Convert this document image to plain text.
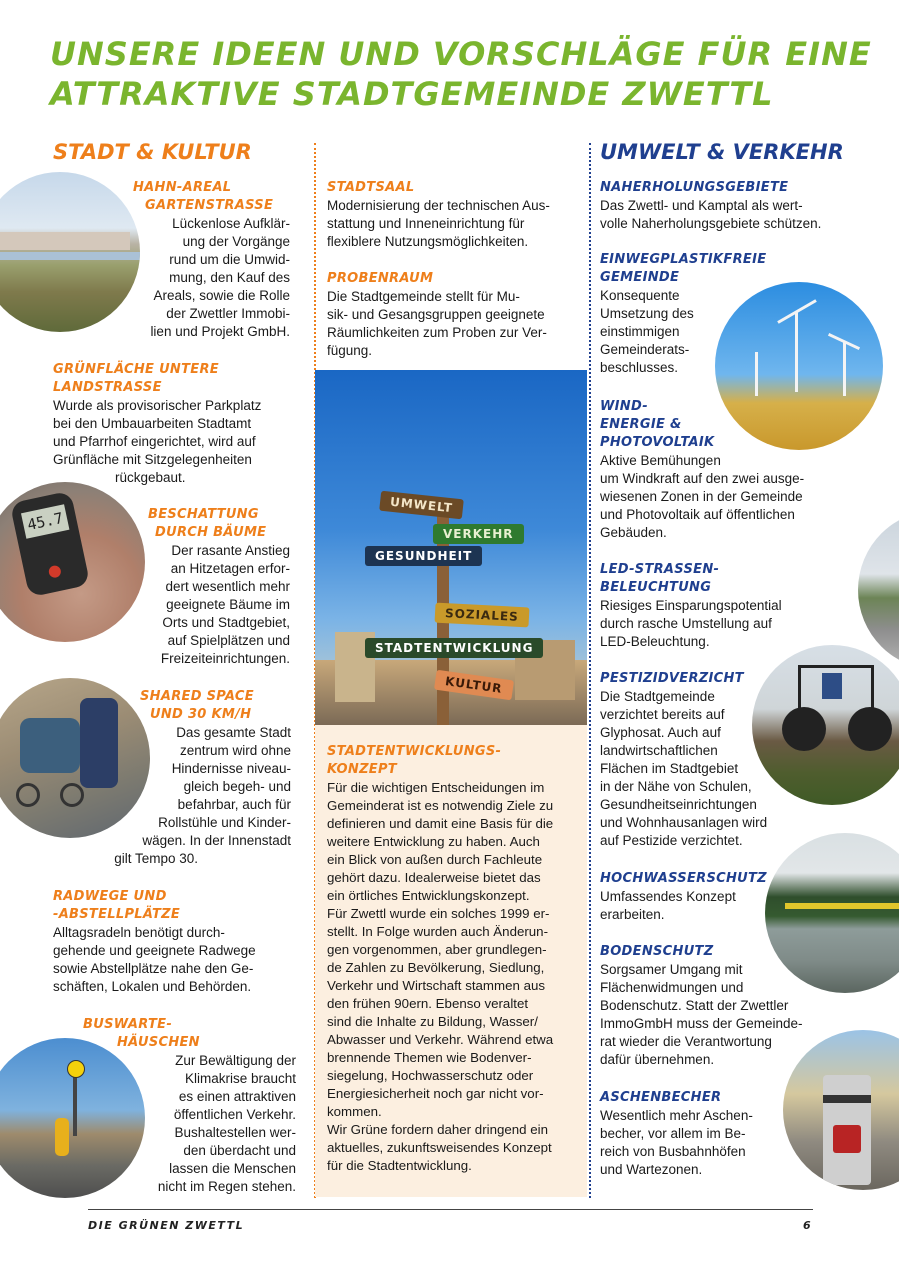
UNSERE IDEEN UND VORSCHLÄGE FÜR EINE
ATTRAKTIVE STADTGEMEINDE ZWETTL
STADT & KULTUR	UMWELT & VERKEHR
45.7
UMWELT
VERKEHR
GESUNDHEIT
SOZIALES
STADTENTWICKLUNG
KULTUR

HAHN-AREAL
GARTENSTRASSE

Lückenlose Aufklär-
ung der Vorgänge
rund um die Umwid-
mung, den Kauf des
Areals, sowie die Rolle
der Zwettler Immobi-
lien und Projekt GmbH.

GRÜNFLÄCHE UNTERE
LANDSTRASSE

Wurde als provisorischer Parkplatz
bei den Umbauarbeiten Stadtamt
und Pfarrhof eingerichtet, wird auf
Grünfläche mit Sitzgelegenheiten
rückgebaut.

BESCHATTUNG
DURCH BÄUME

Der rasante Anstieg
an Hitzetagen erfor-
dert wesentlich mehr
geeignete Bäume im
Orts und Stadtgebiet,
auf Spielplätzen und
Freizeiteinrichtungen.

SHARED SPACE
UND 30 KM/H

Das gesamte Stadt
zentrum wird ohne
Hindernisse niveau-
gleich begeh- und
befahrbar, auch für
Rollstühle und Kinder-
wägen. In der Innenstadt
gilt Tempo 30.

RADWEGE UND
-ABSTELLPLÄTZE

Alltagsradeln benötigt durch-
gehende und geeignete Radwege
sowie Abstellplätze nahe den Ge-
schäften, Lokalen und Behörden.

BUSWARTE-
HÄUSCHEN

Zur Bewältigung der
Klimakrise braucht
es einen attraktiven
öffentlichen Verkehr.
Bushaltestellen wer-
den überdacht und
lassen die Menschen
nicht im Regen stehen.

STADTSAAL

Modernisierung der technischen Aus-
stattung und Inneneinrichtung für
flexiblere Nutzungsmöglichkeiten.

PROBENRAUM

Die Stadtgemeinde stellt für Mu-
sik- und Gesangsgruppen geeignete
Räumlichkeiten zum Proben zur Ver-
fügung.

STADTENTWICKLUNGS-
KONZEPT

Für die wichtigen Entscheidungen im
Gemeinderat ist es notwendig Ziele zu
definieren und damit eine Basis für die
weitere Entwicklung zu haben. Auch
ein Blick von außen durch Fachleute
gehört dazu. Idealerweise bietet das
ein örtliches Entwicklungskonzept.
Für Zwettl wurde ein solches 1999 er-
stellt. In Folge wurden auch Änderun-
gen vorgenommen, aber grundlegen-
de Zahlen zu Bevölkerung, Siedlung,
Verkehr und Wirtschaft stammen aus
den frühen 90ern. Ebenso veraltet
sind die Inhalte zu Bildung, Wasser/
Abwasser und Verkehr. Während etwa
brennende Themen wie Bodenver-
siegelung, Hochwasserschutz oder
Energiesicherheit noch gar nicht vor-
kommen.
Wir Grüne fordern daher dringend ein
aktuelles, zukunftsweisendes Konzept
für die Stadtentwicklung.

NAHERHOLUNGSGEBIETE

Das Zwettl- und Kamptal als wert-
volle Naherholungsgebiete schützen.

EINWEGPLASTIKFREIE
GEMEINDE

Konsequente
Umsetzung des
einstimmigen
Gemeinderats-
beschlusses.

WIND-
ENERGIE &
PHOTOVOLTAIK

Aktive Bemühungen
um Windkraft auf den zwei ausge-
wiesenen Zonen in der Gemeinde
und Photovoltaik auf öffentlichen
Gebäuden.

LED-STRASSEN-
BELEUCHTUNG

Riesiges Einsparungspotential
durch rasche Umstellung auf
LED-Beleuchtung.

PESTIZIDVERZICHT

Die Stadtgemeinde
verzichtet bereits auf
Glyphosat. Auch auf
landwirtschaftlichen
Flächen im Stadtgebiet
in der Nähe von Schulen,
Gesundheitseinrichtungen
und Wohnhausanlagen wird
auf Pestizide verzichtet.

HOCHWASSERSCHUTZ

Umfassendes Konzept
erarbeiten.

BODENSCHUTZ

Sorgsamer Umgang mit
Flächenwidmungen und
Bodenschutz. Statt der Zwettler
ImmoGmbH muss der Gemeinde-
rat wieder die Verantwortung
dafür übernehmen.

ASCHENBECHER

Wesentlich mehr Aschen-
becher, vor allem im Be-
reich von Busbahnhöfen
und Wartezonen.

DIE GRÜNEN ZWETTL	6
